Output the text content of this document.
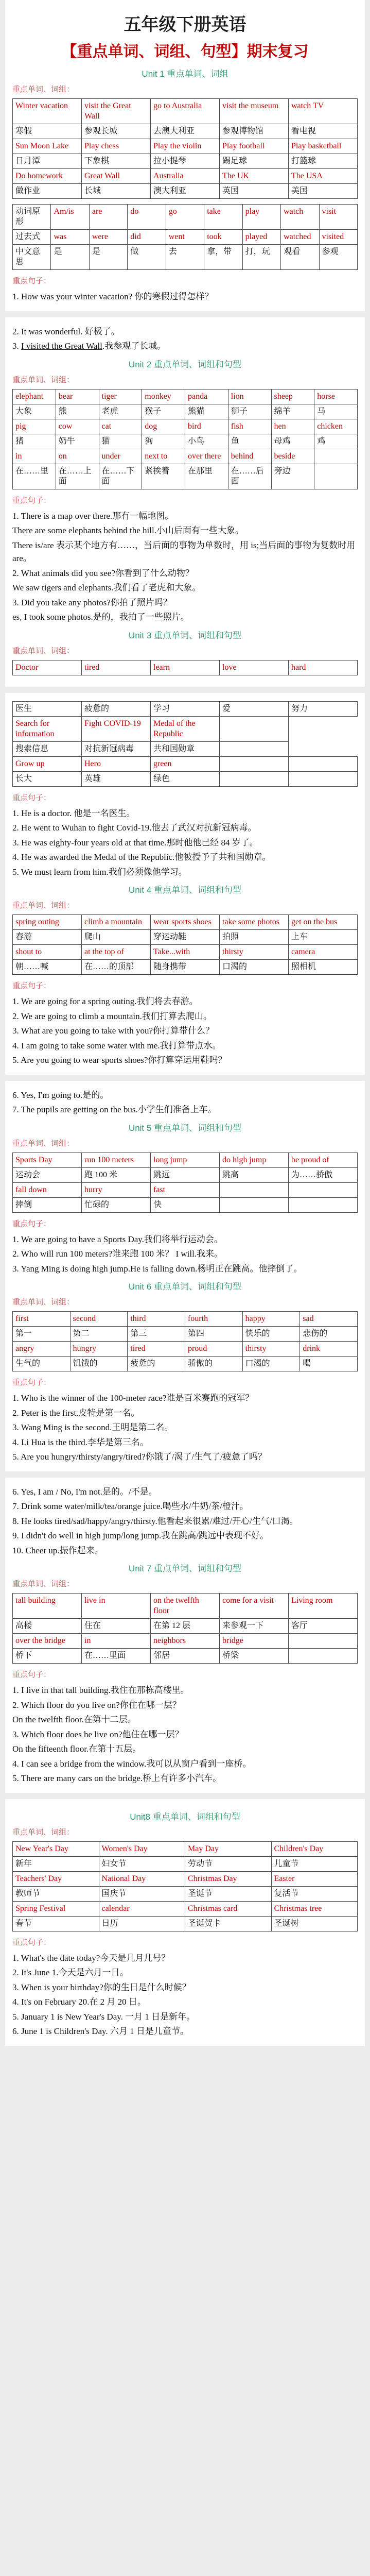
五年级下册英语
【重点单词、词组、句型】期末复习
Unit 1 重点单词、词组
重点单词、词组：
Winter vacation	visit the Great Wall	go to Australia	visit the museum	watch TV
寒假	参观长城	去澳大利亚	参观博物馆	看电视
Sun Moon Lake	Play chess	Play the violin	Play football	Play basketball
日月潭	下象棋	拉小提琴	踢足球	打篮球
Do homework	Great Wall	Australia	The UK	The USA
做作业	长城	澳大利亚	英国	美国
动词原形	Am/is	are	do	go	take	play	watch	visit
过去式	was	were	did	went	took	played	watched	visited
中文意思	是	是	做	去	拿，带	打，玩	观看	参观
重点句子：
1. How was your winter vacation? 你的寒假过得怎样？
2. It was wonderful. 好极了。
3. I visited the Great Wall.我参观了长城。
Unit 2 重点单词、词组和句型
重点单词、词组：
elephant	bear	tiger	monkey	panda	lion	sheep	horse
大象	熊	老虎	猴子	熊猫	狮子	绵羊	马
pig	cow	cat	dog	bird	fish	hen	chicken
猪	奶牛	猫	狗	小鸟	鱼	母鸡	鸡
in	on	under	next to	over there	behind	beside	
在……里	在……上面	在……下面	紧挨着	在那里	在……后面	旁边	
重点句子：
1. There is a map over there.那有一幅地图。
There are some elephants behind the hill.小山后面有一些大象。
There is/are 表示某个地方有……，当后面的事物为单数时，用 is;当后面的事物为复数时用 are。
2. What animals did you see?你看到了什么动物？
We saw tigers and elephants.我们看了老虎和大象。
3. Did you take any photos?你拍了照片吗？
es, I took some photos.是的，我拍了一些照片。
Unit 3 重点单词、词组和句型
重点单词、词组：
Doctor	tired	learn	love	hard
医生	疲惫的	学习	爱	努力
Search for information	Fight COVID-19	Medal of the Republic		
搜索信息	对抗新冠病毒	共和国勋章		
Grow up	Hero	green		
长大	英雄	绿色		
重点句子：
1. He is a doctor. 他是一名医生。
2. He went to Wuhan to fight Covid-19.他去了武汉对抗新冠病毒。
3. He was eighty-four years old at that time.那时他他已经 84 岁了。
4. He was awarded the Medal of the Republic.他被授予了共和国勋章。
5. We must learn from him.我们必须像他学习。
Unit 4 重点单词、词组和句型
重点单词、词组：
spring outing	climb a mountain	wear sports shoes	take some photos	get on the bus
春游	爬山	穿运动鞋	拍照	上车
shout to	at the top of	Take...with	thirsty	camera
朝……喊	在……的顶部	随身携带	口渴的	照相机
重点句子：
1. We are going for a spring outing.我们将去春游。
2. We are going to climb a mountain.我们打算去爬山。
3. What are you going to take with you?你打算带什么？
4. I am going to take some water with me.我打算带点水。
5. Are you going to wear sports shoes?你打算穿运用鞋吗？
6. Yes, I'm going to.是的。
7. The pupils are getting on the bus.小学生们准备上车。
Unit 5 重点单词、词组和句型
重点单词、词组：
Sports Day	run 100 meters	long jump	do high jump	be proud of
运动会	跑 100 米	跳远	跳高	为……骄傲
fall down	hurry	fast		
摔倒	忙碌的	快		
重点句子：
1. We are going to have a Sports Day.我们将举行运动会。
2. Who will run 100 meters?谁来跑 100 米？ I will.我来。
3. Yang Ming is doing high jump.He is falling down.杨明正在跳高。他摔倒了。
Unit 6 重点单词、词组和句型
重点单词、词组：
first	second	third	fourth	happy	sad
第一	第二	第三	第四	快乐的	悲伤的
angry	hungry	tired	proud	thirsty	drink
生气的	饥饿的	疲惫的	骄傲的	口渴的	喝
重点句子：
1. Who is the winner of the 100-meter race?谁是百米赛跑的冠军？
2. Peter is the first.皮特是第一名。
3. Wang Ming is the second.王明是第二名。
4. Li Hua is the third.李华是第三名。
5. Are you hungry/thirsty/angry/tired?你饿了/渴了/生气了/疲惫了吗？
6. Yes, I am / No, I'm not.是的。/不是。
7. Drink some water/milk/tea/orange juice.喝些水/牛奶/茶/橙汁。
8. He looks tired/sad/happy/angry/thirsty.他看起来很累/难过/开心/生气/口渴。
9. I didn't do well in high jump/long jump.我在跳高/跳远中表现不好。
10. Cheer up.振作起来。
Unit 7 重点单词、词组和句型
重点单词、词组：
tall building	live in	on the twelfth floor	come for a visit	Living room
高楼	住在	在第 12 层	来参观一下	客厅
over the bridge	in	neighbors	bridge	
桥下	在……里面	邻居	桥梁	
重点句子：
1. I live in that tall building.我住在那栋高楼里。
2. Which floor do you live on?你住在哪一层？
On the twelfth floor.在第十二层。
3. Which floor does he live on?他住在哪一层？
On the fifteenth floor.在第十五层。
4. I can see a bridge from the window.我可以从窗户看到一座桥。
5. There are many cars on the bridge.桥上有许多小汽车。
Unit8 重点单词、词组和句型
重点单词、词组：
New Year's Day	Women's Day	May Day	Children's Day
新年	妇女节	劳动节	儿童节
Teachers' Day	National Day	Christmas Day	Easter
教师节	国庆节	圣诞节	复活节
Spring Festival	calendar	Christmas card	Christmas tree
春节	日历	圣诞贺卡	圣诞树
重点句子：
1. What's the date today?今天是几月几号？
2. It's June 1.今天是六月一日。
3. When is your birthday?你的生日是什么时候？
4. It's on February 20.在 2 月 20 日。
5. January 1 is New Year's Day. 一月 1 日是新年。
6. June 1 is Children's Day. 六月 1 日是儿童节。
